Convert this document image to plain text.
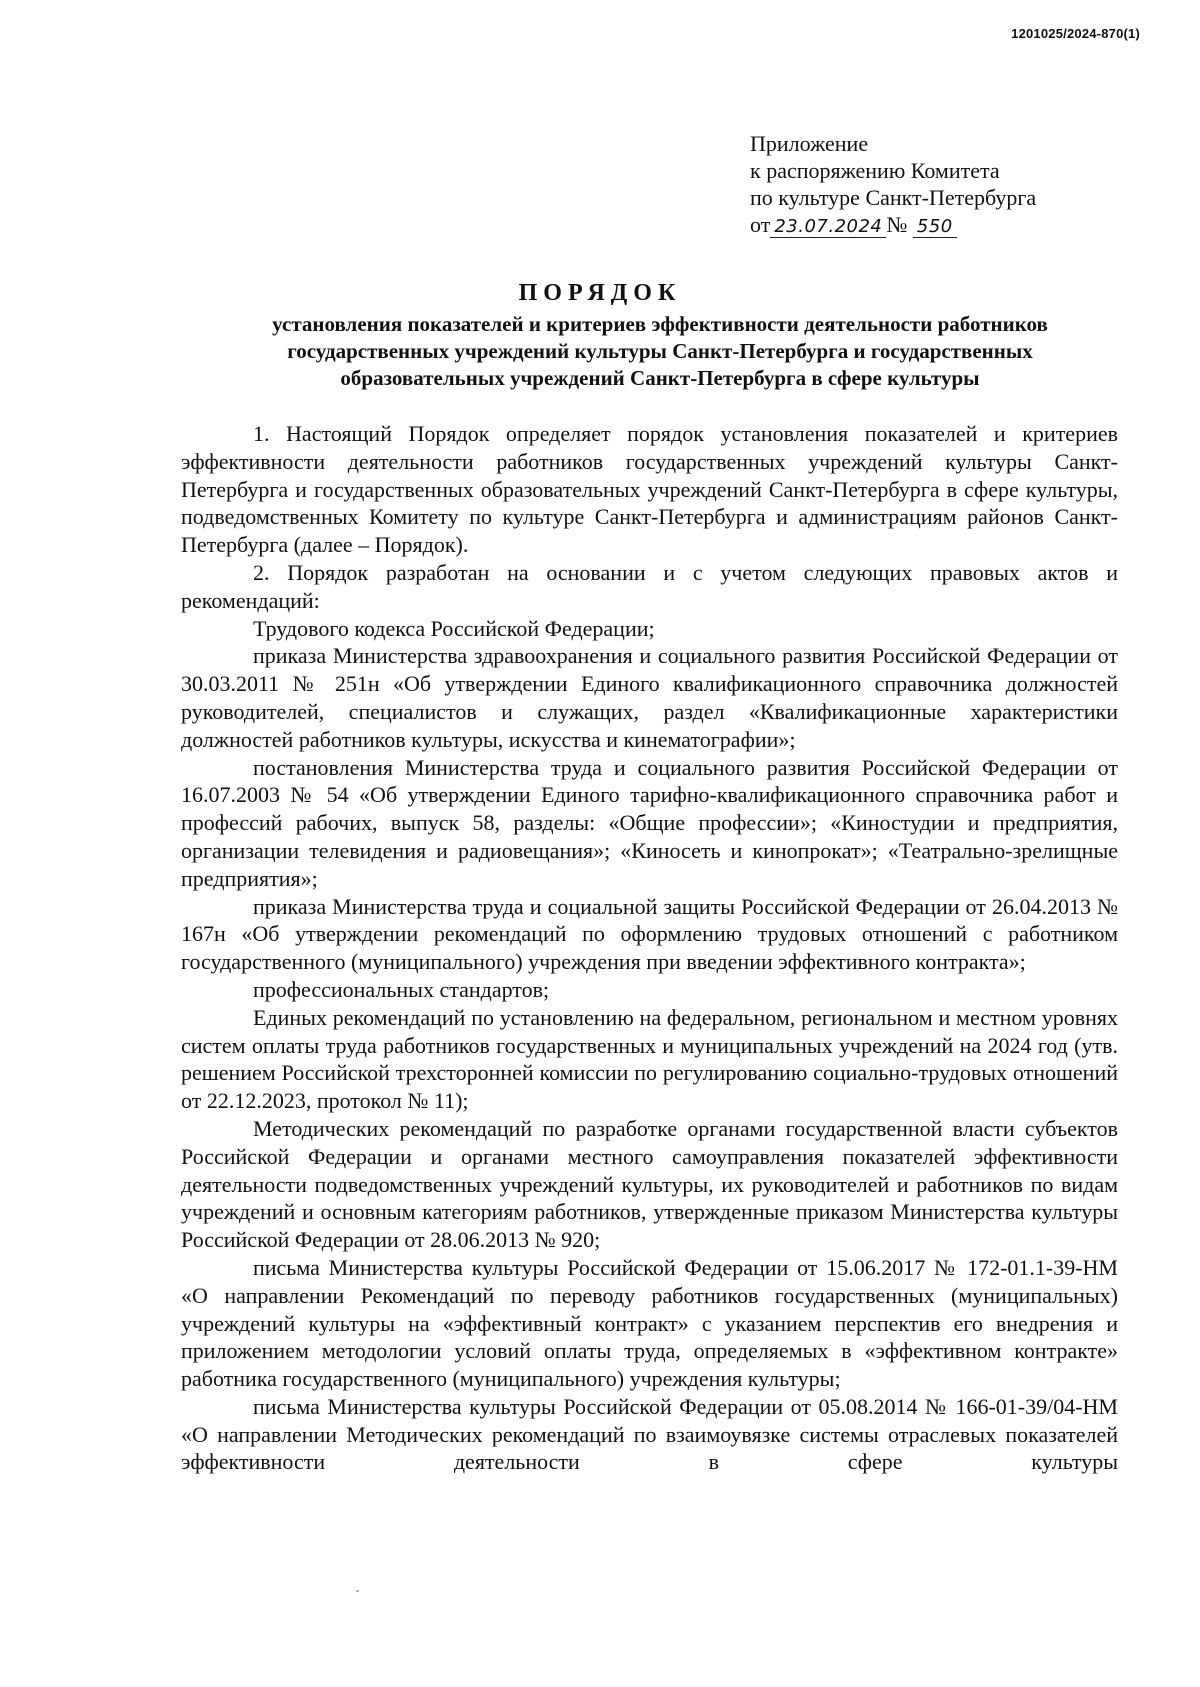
1201025/2024-870(1)
Приложение
к распоряжению Комитета
по культуре Санкт-Петербурга
от 23.07.2024 № 550
ПОРЯДОК
установления показателей и критериев эффективности деятельности работников
государственных учреждений культуры Санкт-Петербурга и государственных
образовательных учреждений Санкт-Петербурга в сфере культуры

1. Настоящий Порядок определяет порядок установления показателей и критериев эффективности деятельности работников государственных учреждений культуры Санкт-Петербурга и государственных образовательных учреждений Санкт-Петербурга в сфере культуры, подведомственных Комитету по культуре Санкт-Петербурга и администрациям районов Санкт-Петербурга (далее – Порядок).

2. Порядок разработан на основании и с учетом следующих правовых актов и рекомендаций:

Трудового кодекса Российской Федерации;

приказа Министерства здравоохранения и социального развития Российской Федерации от 30.03.2011 № 251н «Об утверждении Единого квалификационного справочника должностей руководителей, специалистов и служащих, раздел «Квалификационные характеристики должностей работников культуры, искусства и кинематографии»;

постановления Министерства труда и социального развития Российской Федерации от 16.07.2003 № 54 «Об утверждении Единого тарифно-квалификационного справочника работ и профессий рабочих, выпуск 58, разделы: «Общие профессии»; «Киностудии и предприятия, организации телевидения и радиовещания»; «Киносеть и кинопрокат»; «Театрально-зрелищные предприятия»;

приказа Министерства труда и социальной защиты Российской Федерации от 26.04.2013 № 167н «Об утверждении рекомендаций по оформлению трудовых отношений с работником государственного (муниципального) учреждения при введении эффективного контракта»;

профессиональных стандартов;

Единых рекомендаций по установлению на федеральном, региональном и местном уровнях систем оплаты труда работников государственных и муниципальных учреждений на 2024 год (утв. решением Российской трехсторонней комиссии по регулированию социально-трудовых отношений от 22.12.2023, протокол № 11);

Методических рекомендаций по разработке органами государственной власти субъектов Российской Федерации и органами местного самоуправления показателей эффективности деятельности подведомственных учреждений культуры, их руководителей и работников по видам учреждений и основным категориям работников, утвержденные приказом Министерства культуры Российской Федерации от 28.06.2013 № 920;

письма Министерства культуры Российской Федерации от 15.06.2017 № 172-01.1-39-НМ «О направлении Рекомендаций по переводу работников государственных (муниципальных) учреждений культуры на «эффективный контракт» с указанием перспектив его внедрения и приложением методологии условий оплаты труда, определяемых в «эффективном контракте» работника государственного (муниципального) учреждения культуры;

письма Министерства культуры Российской Федерации от 05.08.2014 № 166-01-39/04-НМ «О направлении Методических рекомендаций по взаимоувязке системы отраслевых показателей эффективности деятельности в сфере культуры
